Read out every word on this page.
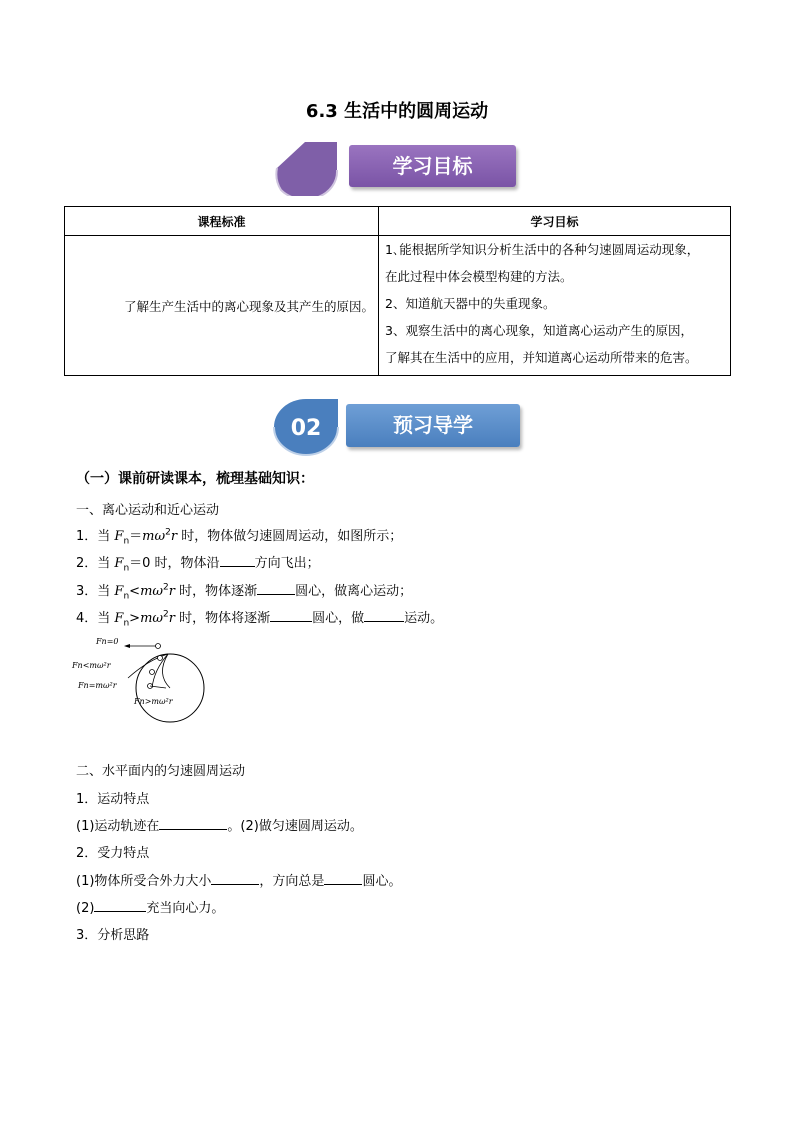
6.3 生活中的圆周运动
学习目标
课程标准	学习目标
了解生产生活中的离心现象及其产生的原因。	1､能根据所学知识分析生活中的各种匀速圆周运动现象，
在此过程中体会模型构建的方法。
2、知道航天器中的失重现象。
3、观察生活中的离心现象，知道离心运动产生的原因，
了解其在生活中的应用，并知道离心运动所带来的危害。
02	预习导学
（一）课前研读课本，梳理基础知识：
一、离心运动和近心运动
1．当 $F_n=m\omega^2r$ 时，物体做匀速圆周运动，如图所示；
2．当 $F_n=0$ 时，物体沿	方向飞出；
3．当 $F_n<m\omega^2r$ 时，物体逐渐	圆心，做离心运动；
4．当 $F_n>m\omega^2r$ 时，物体将逐渐	圆心，做	运动。
Fn=0
Fn<mω²r
Fn=mω²r
Fn>mω²r
二、水平面内的匀速圆周运动
1．运动特点
(1)运动轨迹在	。(2)做匀速圆周运动。
2．受力特点
(1)物体所受合外力大小	，方向总是	圆心。
(2)	充当向心力。
3．分析思路
